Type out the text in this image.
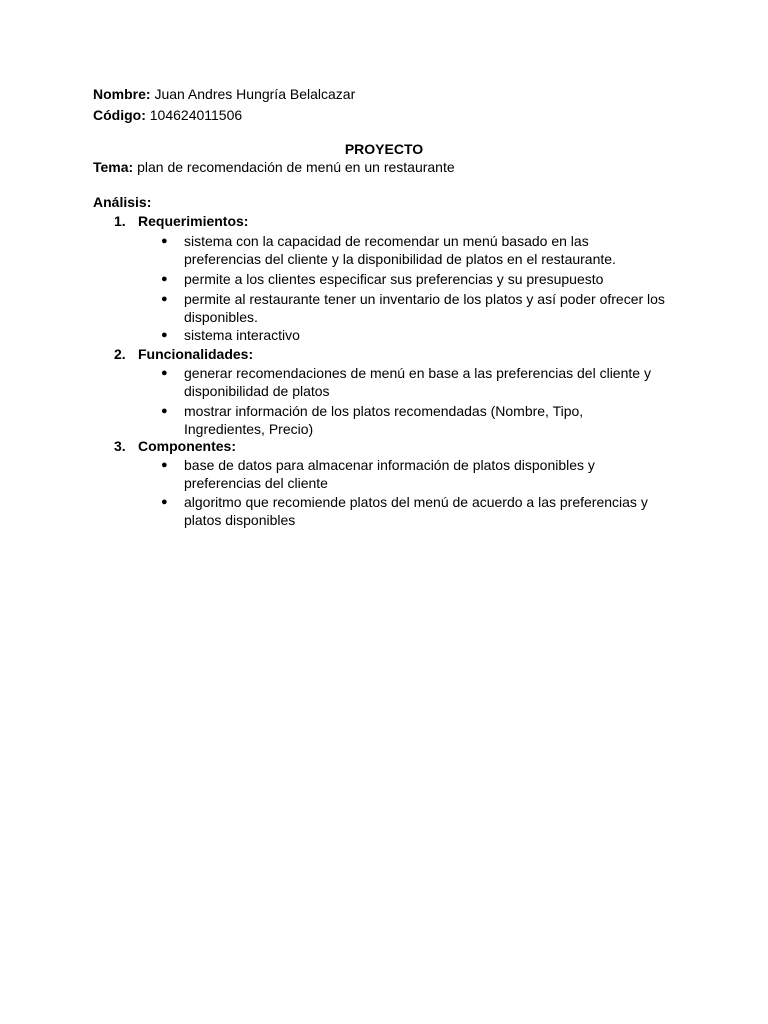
Nombre: Juan Andres Hungría Belalcazar
Código: 104624011506
PROYECTO
Tema: plan de recomendación de menú en un restaurante
Análisis:
1. Requerimientos:
● sistema con la capacidad de recomendar un menú basado en las
preferencias del cliente y la disponibilidad de platos en el restaurante.
● permite a los clientes especificar sus preferencias y su presupuesto
● permite al restaurante tener un inventario de los platos y así poder ofrecer los
disponibles.
● sistema interactivo
2. Funcionalidades:
● generar recomendaciones de menú en base a las preferencias del cliente y
disponibilidad de platos
● mostrar información de los platos recomendadas (Nombre, Tipo,
Ingredientes, Precio)
3. Componentes:
● base de datos para almacenar información de platos disponibles y
preferencias del cliente
● algoritmo que recomiende platos del menú de acuerdo a las preferencias y
platos disponibles
